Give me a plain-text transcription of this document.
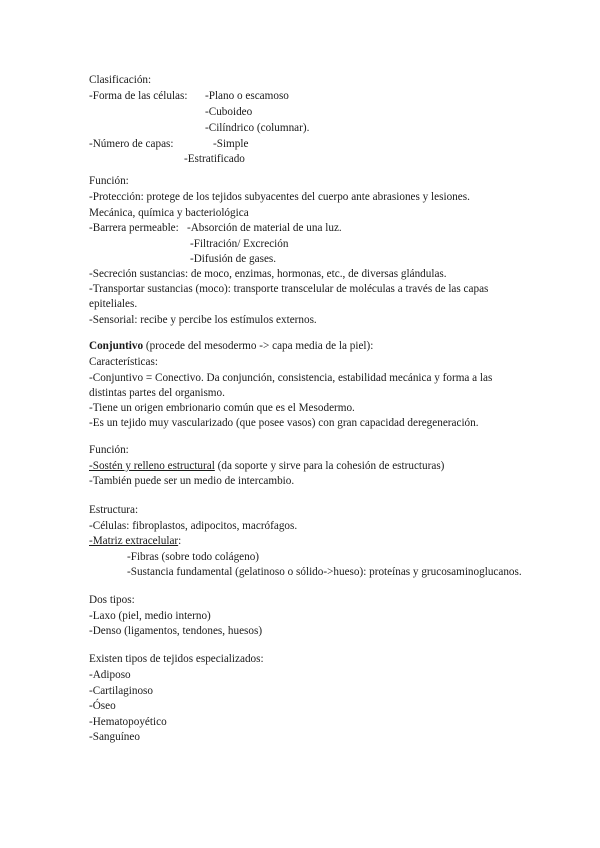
Clasificación:
-Forma de las células: -Plano o escamoso
-Cuboideo
-Cilíndrico (columnar).
-Número de capas:	-Simple
-Estratificado
Función:
-Protección: protege de los tejidos subyacentes del cuerpo ante abrasiones y lesiones.
Mecánica, química y bacteriológica
-Barrera permeable: -Absorción de material de una luz.
-Filtración/ Excreción
-Difusión de gases.
-Secreción sustancias: de moco, enzimas, hormonas, etc., de diversas glándulas.
-Transportar sustancias (moco): transporte transcelular de moléculas a través de las capas
epiteliales.
-Sensorial: recibe y percibe los estímulos externos.
Conjuntivo (procede del mesodermo -> capa media de la piel):
Características:
-Conjuntivo = Conectivo. Da conjunción, consistencia, estabilidad mecánica y forma a las
distintas partes del organismo.
-Tiene un origen embrionario común que es el Mesodermo.
-Es un tejido muy vascularizado (que posee vasos) con gran capacidad deregeneración.
Función:
-Sostén y relleno estructural (da soporte y sirve para la cohesión de estructuras)
-También puede ser un medio de intercambio.
Estructura:
-Células: fibroplastos, adipocitos, macrófagos.
-Matriz extracelular:
-Fibras (sobre todo colágeno)
-Sustancia fundamental (gelatinoso o sólido->hueso): proteínas y grucosaminoglucanos.
Dos tipos:
-Laxo (piel, medio interno)
-Denso (ligamentos, tendones, huesos)
Existen tipos de tejidos especializados:
-Adiposo
-Cartilaginoso
-Óseo
-Hematopoyético
-Sanguíneo
